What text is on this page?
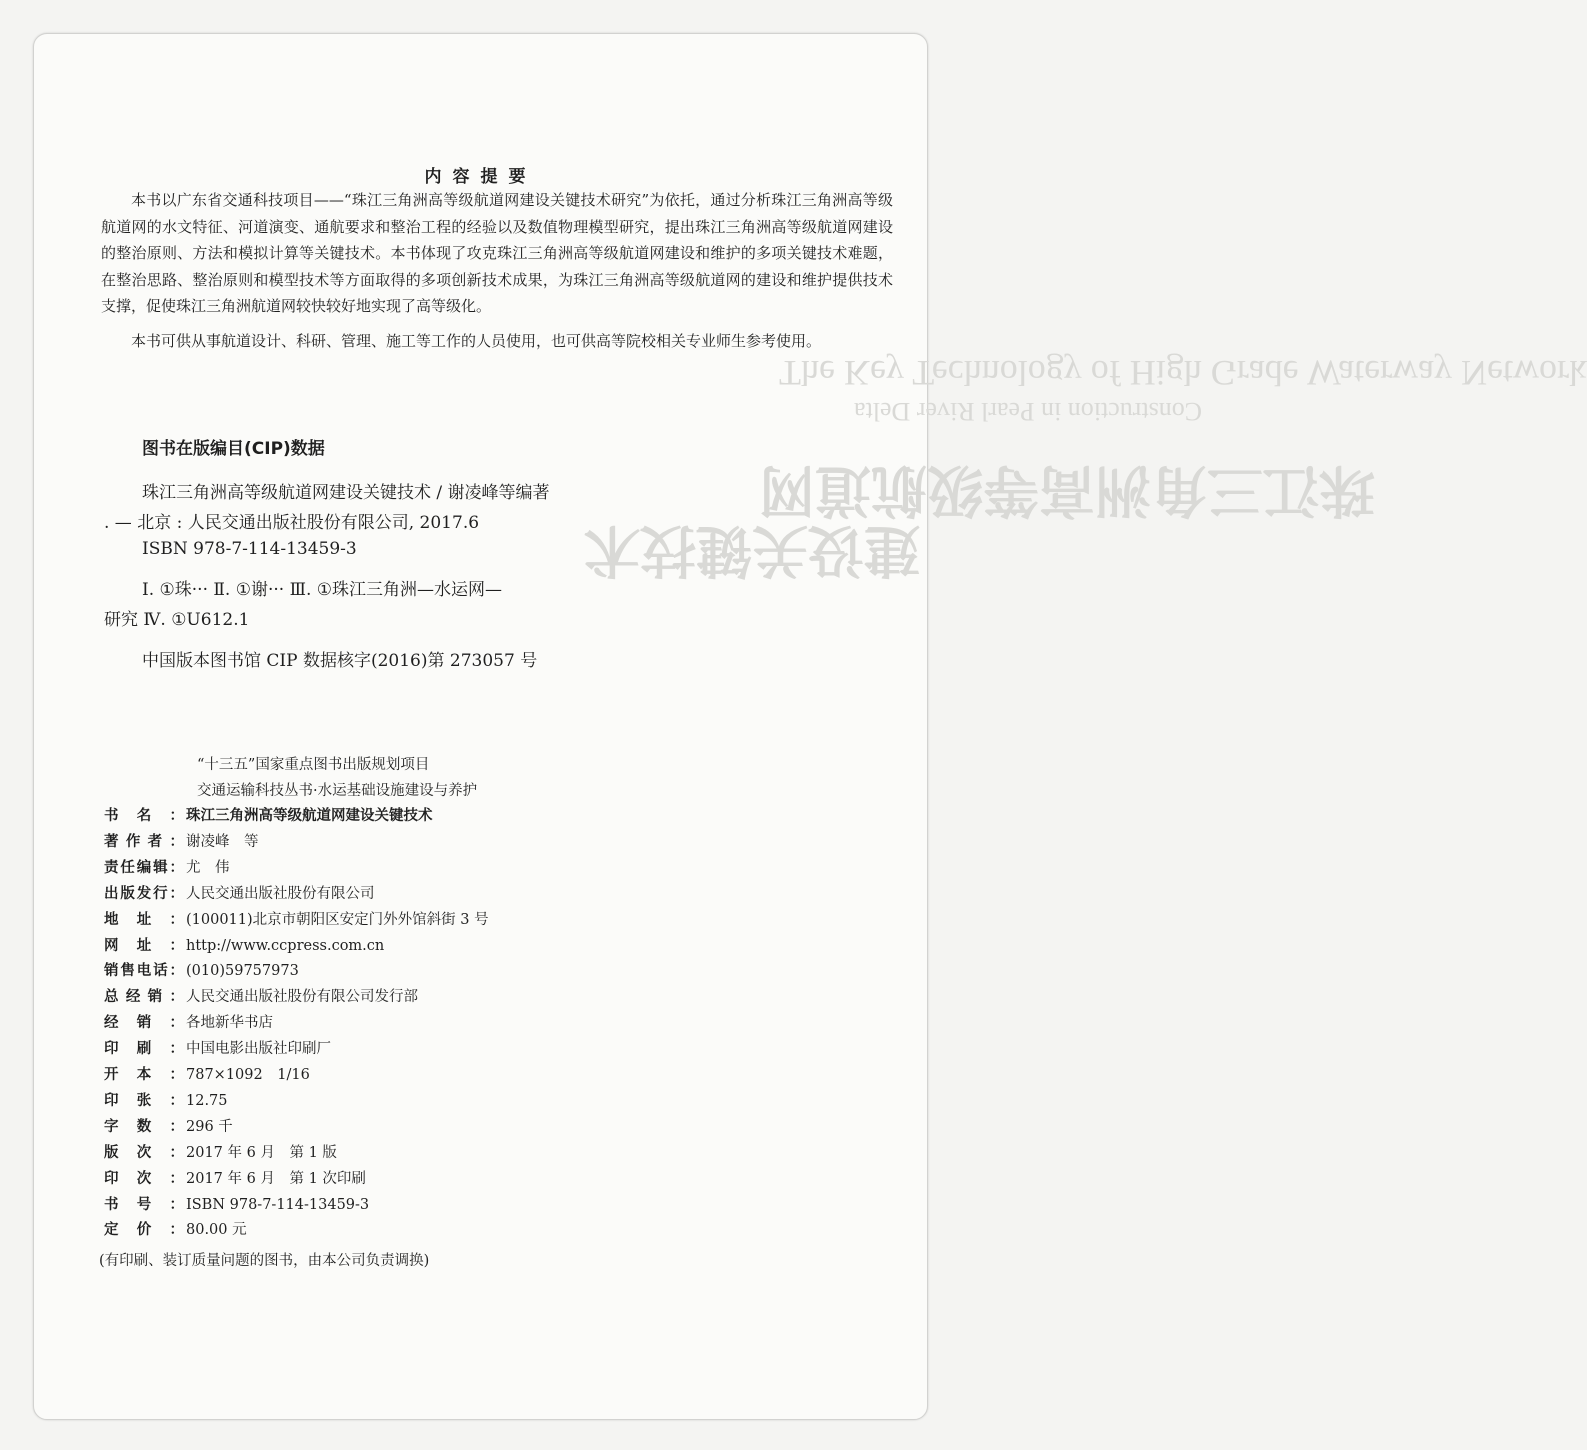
The Key Technology of High Grade Waterway Network
Construction in Pearl River Delta
珠江三角洲高等级航道网
建设关键技术
内容提要
本书以广东省交通科技项目——“珠江三角洲高等级航道网建设关键技术研究”为依托，通过分析珠江三角洲高等级航道网的水文特征、河道演变、通航要求和整治工程的经验以及数值物理模型研究，提出珠江三角洲高等级航道网建设的整治原则、方法和模拟计算等关键技术。本书体现了攻克珠江三角洲高等级航道网建设和维护的多项关键技术难题，在整治思路、整治原则和模型技术等方面取得的多项创新技术成果，为珠江三角洲高等级航道网的建设和维护提供技术支撑，促使珠江三角洲航道网较快较好地实现了高等级化。
本书可供从事航道设计、科研、管理、施工等工作的人员使用，也可供高等院校相关专业师生参考使用。
图书在版编目(CIP)数据
珠江三角洲高等级航道网建设关键技术 / 谢凌峰等编著
. — 北京 : 人民交通出版社股份有限公司, 2017.6
ISBN 978-7-114-13459-3
Ⅰ. ①珠··· Ⅱ. ①谢··· Ⅲ. ①珠江三角洲—水运网—
研究 Ⅳ. ①U612.1
中国版本图书馆 CIP 数据核字(2016)第 273057 号
“十三五”国家重点图书出版规划项目
交通运输科技丛书·水运基础设施建设与养护
书名： 珠江三角洲高等级航道网建设关键技术
著作者： 谢凌峰　等
责任编辑： 尤　伟
出版发行： 人民交通出版社股份有限公司
地址： (100011)北京市朝阳区安定门外外馆斜街 3 号
网址： http://www.ccpress.com.cn
销售电话： (010)59757973
总经销： 人民交通出版社股份有限公司发行部
经销： 各地新华书店
印刷： 中国电影出版社印刷厂
开本： 787×1092　1/16
印张： 12.75
字数： 296 千
版次： 2017 年 6 月　第 1 版
印次： 2017 年 6 月　第 1 次印刷
书号： ISBN 978-7-114-13459-3
定价： 80.00 元
(有印刷、装订质量问题的图书，由本公司负责调换)
